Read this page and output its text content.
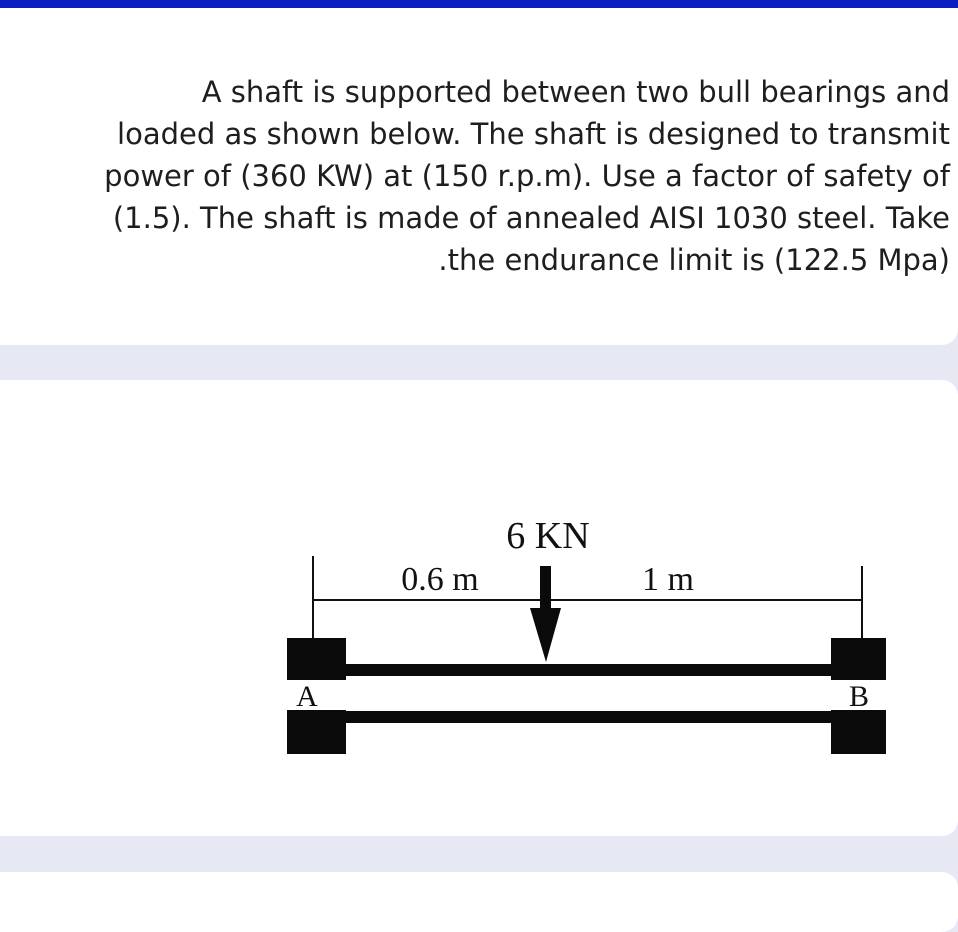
A shaft is supported between two bull bearings and
loaded as shown below. The shaft is designed to transmit
power of (360 KW) at (150 r.p.m). Use a factor of safety of
(1.5). The shaft is made of annealed AISI 1030 steel. Take
.the endurance limit is (122.5 Mpa)

6 KN
0.6 m	1 m
A	B
